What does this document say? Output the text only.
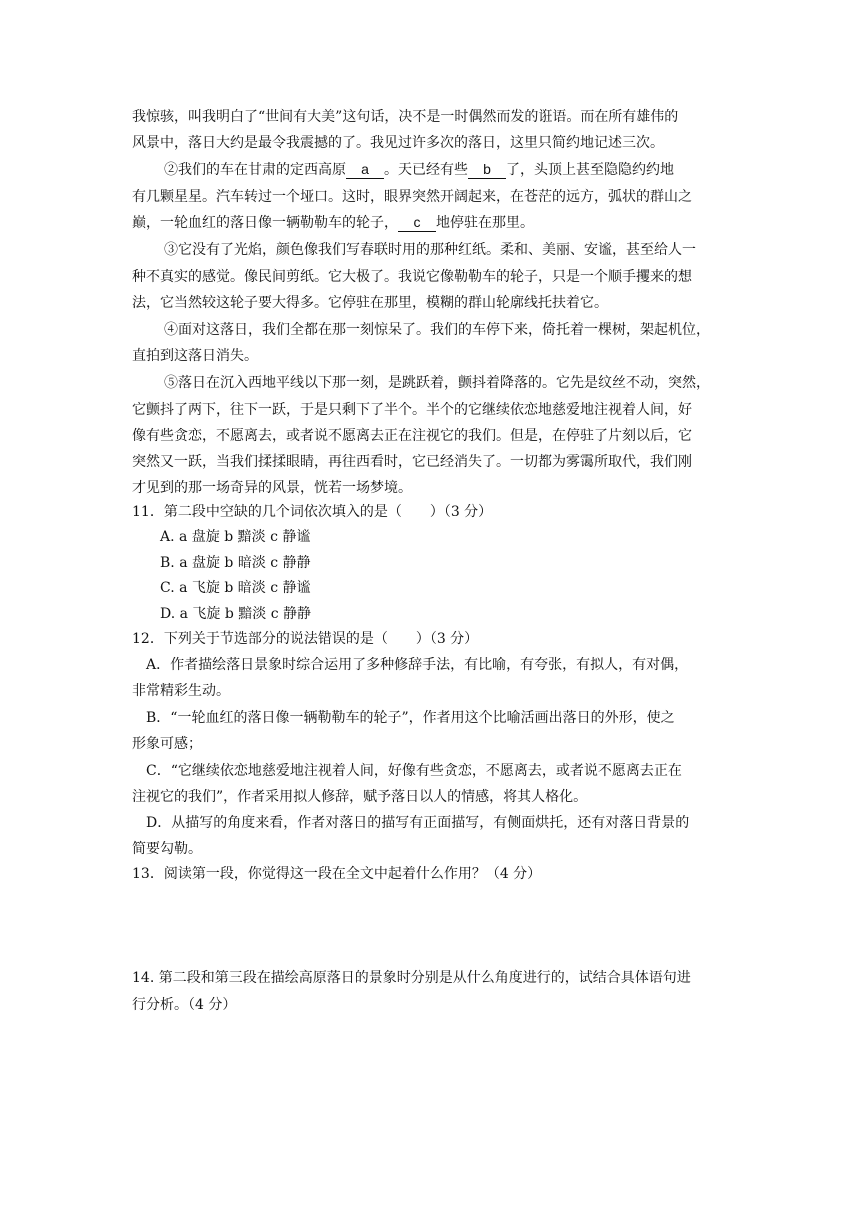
我惊骇，叫我明白了“世间有大美”这句话，决不是一时偶然而发的诳语。而在所有雄伟的
风景中，落日大约是最令我震撼的了。我见过许多次的落日，这里只简约地记述三次。
②我们的车在甘肃的定西高原 a 。天已经有些 b 了，头顶上甚至隐隐约约地
有几颗星星。汽车转过一个垭口。这时，眼界突然开阔起来，在苍茫的远方，弧状的群山之
巅，一轮血红的落日像一辆勒勒车的轮子， c 地停驻在那里。
③它没有了光焰，颜色像我们写春联时用的那种红纸。柔和、美丽、安谧，甚至给人一
种不真实的感觉。像民间剪纸。它大极了。我说它像勒勒车的轮子，只是一个顺手攫来的想
法，它当然较这轮子要大得多。它停驻在那里，模糊的群山轮廓线托扶着它。
④面对这落日，我们全都在那一刻惊呆了。我们的车停下来，倚托着一棵树，架起机位，
直拍到这落日消失。
⑤落日在沉入西地平线以下那一刻，是跳跃着，颤抖着降落的。它先是纹丝不动，突然，
它颤抖了两下，往下一跃，于是只剩下了半个。半个的它继续依恋地慈爱地注视着人间，好
像有些贪恋，不愿离去，或者说不愿离去正在注视它的我们。但是，在停驻了片刻以后，它
突然又一跃，当我们揉揉眼睛，再往西看时，它已经消失了。一切都为雾霭所取代，我们刚
才见到的那一场奇异的风景，恍若一场梦境。
11．第二段中空缺的几个词依次填入的是（　　）（3 分）
A. a 盘旋 b 黯淡 c 静谧
B. a 盘旋 b 暗淡 c 静静
C. a 飞旋 b 暗淡 c 静谧
D. a 飞旋 b 黯淡 c 静静
12．下列关于节选部分的说法错误的是（　　）（3 分）
A．作者描绘落日景象时综合运用了多种修辞手法，有比喻，有夸张，有拟人，有对偶，
非常精彩生动。
B．“一轮血红的落日像一辆勒勒车的轮子”，作者用这个比喻活画出落日的外形，使之
形象可感；
C．“它继续依恋地慈爱地注视着人间，好像有些贪恋，不愿离去，或者说不愿离去正在
注视它的我们”，作者采用拟人修辞，赋予落日以人的情感，将其人格化。
D．从描写的角度来看，作者对落日的描写有正面描写，有侧面烘托，还有对落日背景的
简要勾勒。
13．阅读第一段，你觉得这一段在全文中起着什么作用？（4 分）
14. 第二段和第三段在描绘高原落日的景象时分别是从什么角度进行的，试结合具体语句进
行分析。（4 分）
